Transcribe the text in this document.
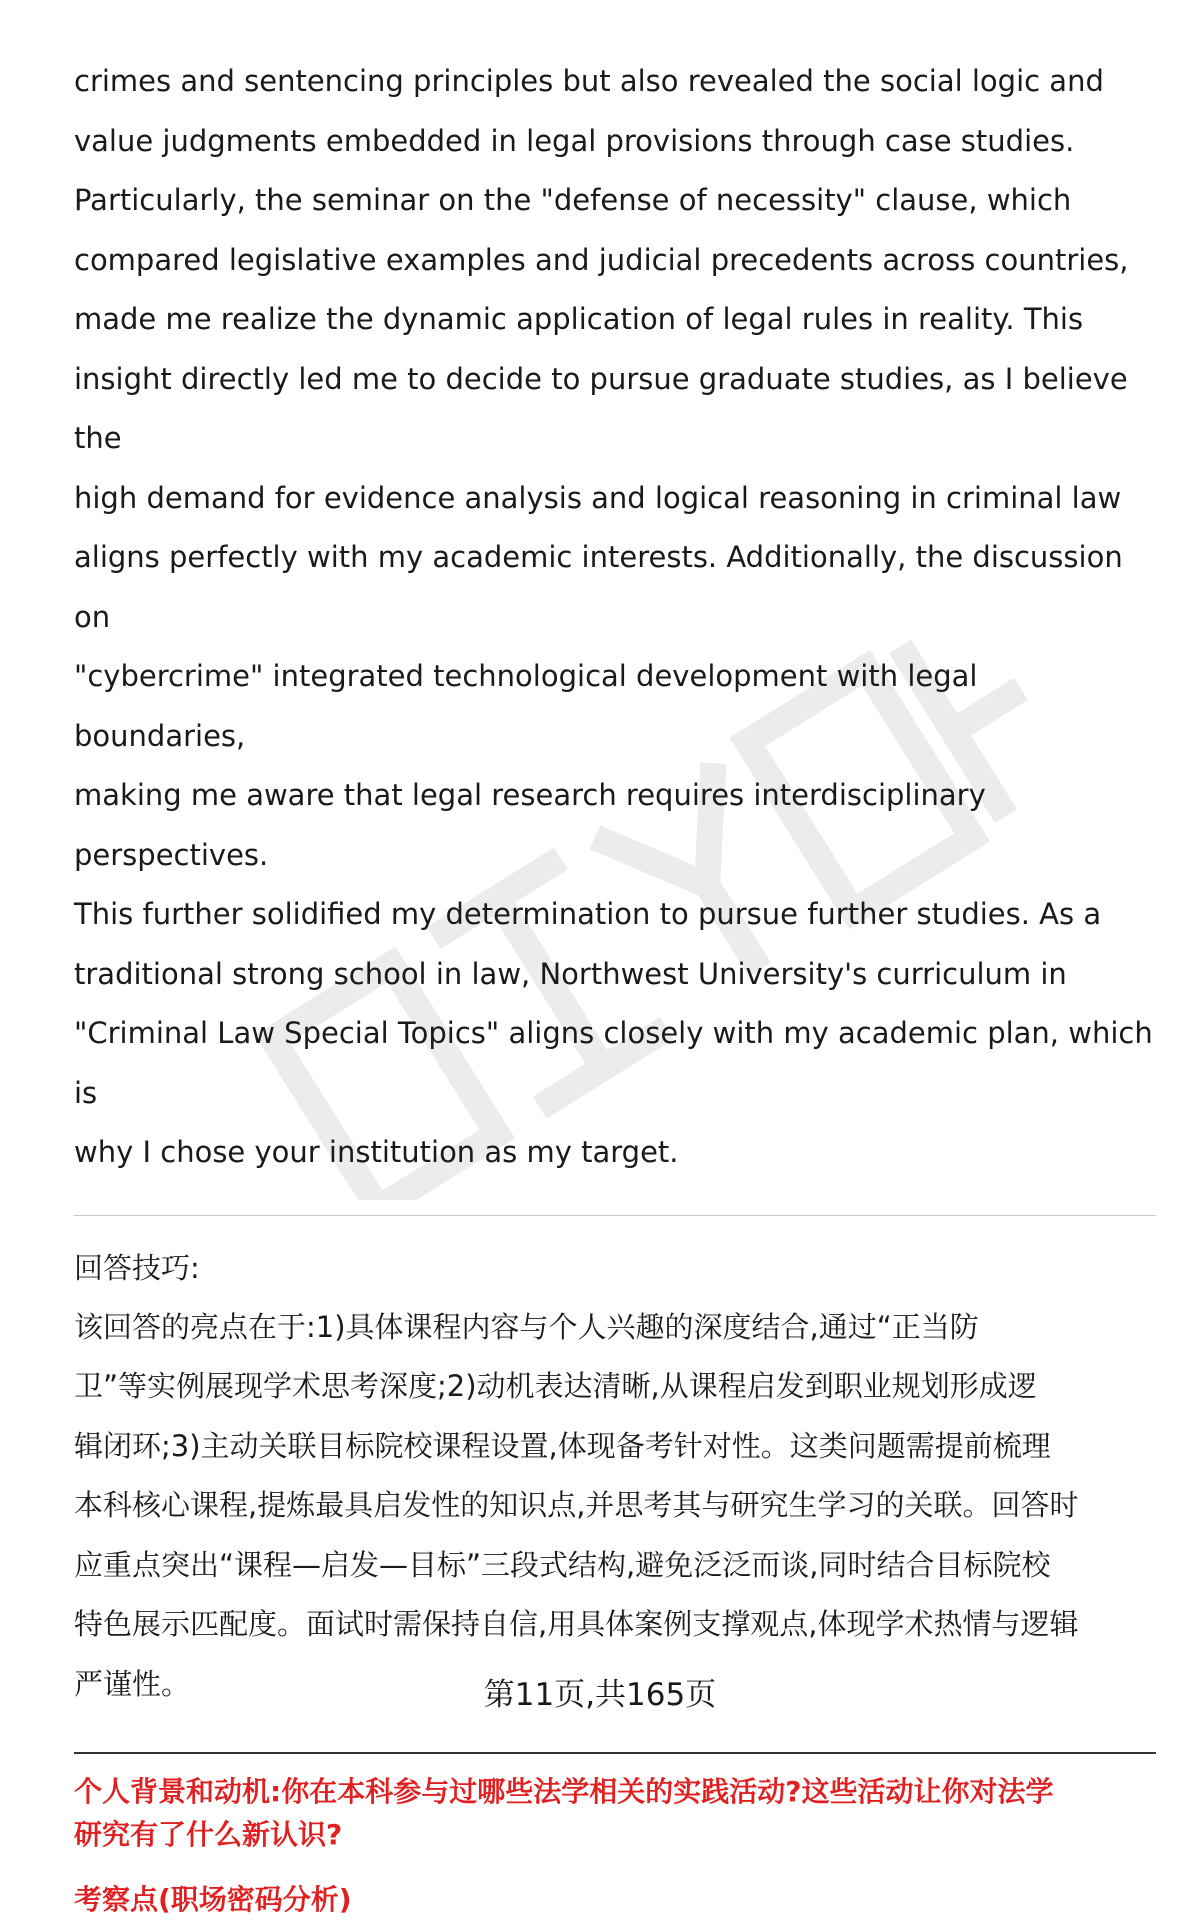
crimes and sentencing principles but also revealed the social logic and
value judgments embedded in legal provisions through case studies.
Particularly, the seminar on the "defense of necessity" clause, which
compared legislative examples and judicial precedents across countries,
made me realize the dynamic application of legal rules in reality. This
insight directly led me to decide to pursue graduate studies, as I believe the
high demand for evidence analysis and logical reasoning in criminal law
aligns perfectly with my academic interests. Additionally, the discussion on
"cybercrime" integrated technological development with legal boundaries,
making me aware that legal research requires interdisciplinary perspectives.
This further solidified my determination to pursue further studies. As a
traditional strong school in law, Northwest University's curriculum in
"Criminal Law Special Topics" aligns closely with my academic plan, which is
why I chose your institution as my target.

回答技巧:

该回答的亮点在于:1)具体课程内容与个人兴趣的深度结合,通过“正当防
卫”等实例展现学术思考深度;2)动机表达清晰,从课程启发到职业规划形成逻
辑闭环;3)主动关联目标院校课程设置,体现备考针对性。这类问题需提前梳理
本科核心课程,提炼最具启发性的知识点,并思考其与研究生学习的关联。回答时
应重点突出“课程—启发—目标”三段式结构,避免泛泛而谈,同时结合目标院校
特色展示匹配度。面试时需保持自信,用具体案例支撑观点,体现学术热情与逻辑
严谨性。

个人背景和动机:你在本科参与过哪些法学相关的实践活动?这些活动让你对法学
研究有了什么新认识?

考察点(职场密码分析)

第11页,共165页
